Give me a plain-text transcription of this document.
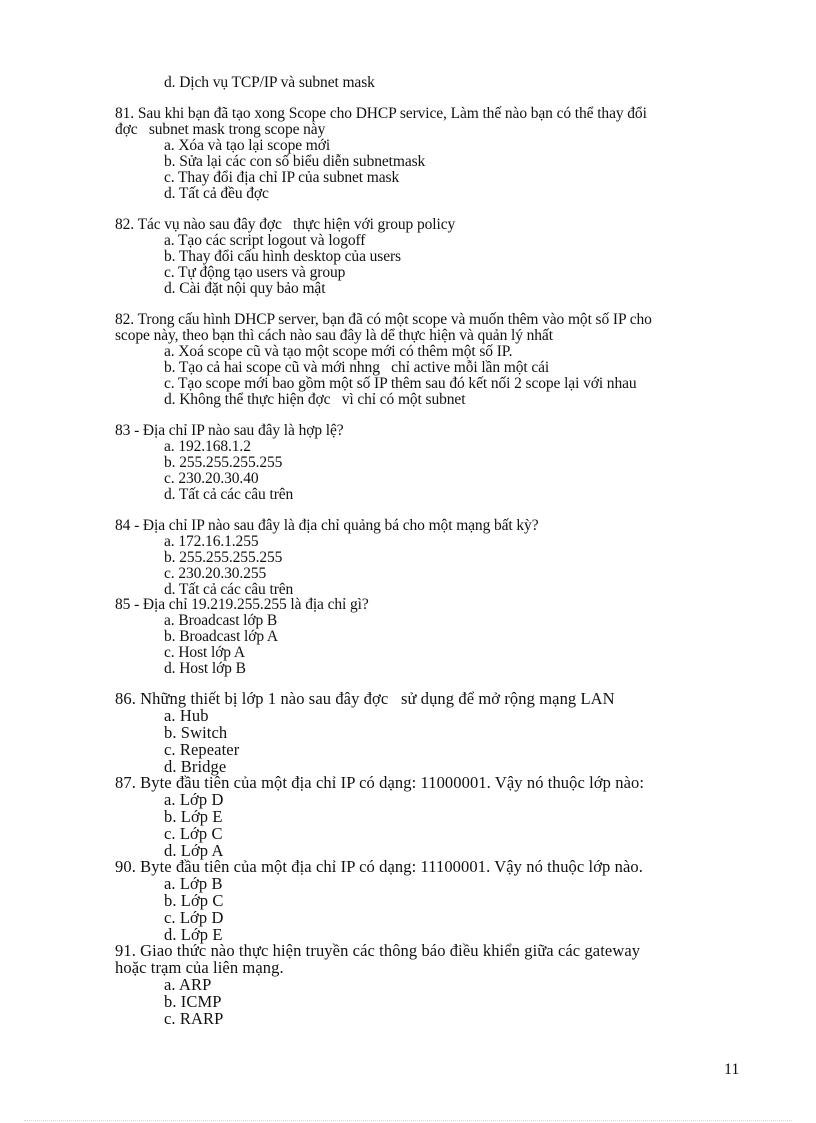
d. Dịch vụ TCP/IP và subnet mask
81. Sau khi bạn đã tạo xong Scope cho DHCP service, Làm thế nào bạn có thể thay đổi
đợc   subnet mask trong scope này
a. Xóa và tạo lại scope mới
b. Sửa lại các con số biểu diễn subnetmask
c. Thay đổi địa chỉ IP của subnet mask
d. Tất cả đều đợc
82. Tác vụ nào sau đây đợc   thực hiện với group policy
a. Tạo các script logout và logoff
b. Thay đổi cấu hình desktop của users
c. Tự động tạo users và group
d. Cài đặt nội quy bảo mật
82. Trong cấu hình DHCP server, bạn đã có một scope và muốn thêm vào một số IP cho
scope này, theo bạn thì cách nào sau đây là dể thực hiện và quản lý nhất
a. Xoá scope cũ và tạo một scope mới có thêm một số IP.
b. Tạo cả hai scope cũ và mới nhng   chỉ active mỗi lần một cái
c. Tạo scope mới bao gồm một số IP thêm sau đó kết nối 2 scope lại với nhau
d. Không thể thực hiện đợc   vì chỉ có một subnet
83 - Địa chỉ IP nào sau đây là hợp lệ?
a. 192.168.1.2
b. 255.255.255.255
c. 230.20.30.40
d. Tất cả các câu trên
84 - Địa chỉ IP nào sau đây là địa chỉ quảng bá cho một mạng bất kỳ?
a. 172.16.1.255
b. 255.255.255.255
c. 230.20.30.255
d. Tất cả các câu trên
85 - Địa chỉ 19.219.255.255 là địa chỉ gì?
a. Broadcast lớp B
b. Broadcast lớp A
c. Host lớp A
d. Host lớp B
86. Những thiết bị lớp 1 nào sau đây đợc   sử dụng để mở rộng mạng LAN
a. Hub
b. Switch
c. Repeater
d. Bridge
87. Byte đầu tiên của một địa chỉ IP có dạng: 11000001. Vậy nó thuộc lớp nào:
a. Lớp D
b. Lớp E
c. Lớp C
d. Lớp A
90. Byte đầu tiên của một địa chỉ IP có dạng: 11100001. Vậy nó thuộc lớp nào.
a. Lớp B
b. Lớp C
c. Lớp D
d. Lớp E
91. Giao thức nào thực hiện truyền các thông báo điều khiển giữa các gateway
hoặc trạm của liên mạng.
a. ARP
b. ICMP
c. RARP
11
